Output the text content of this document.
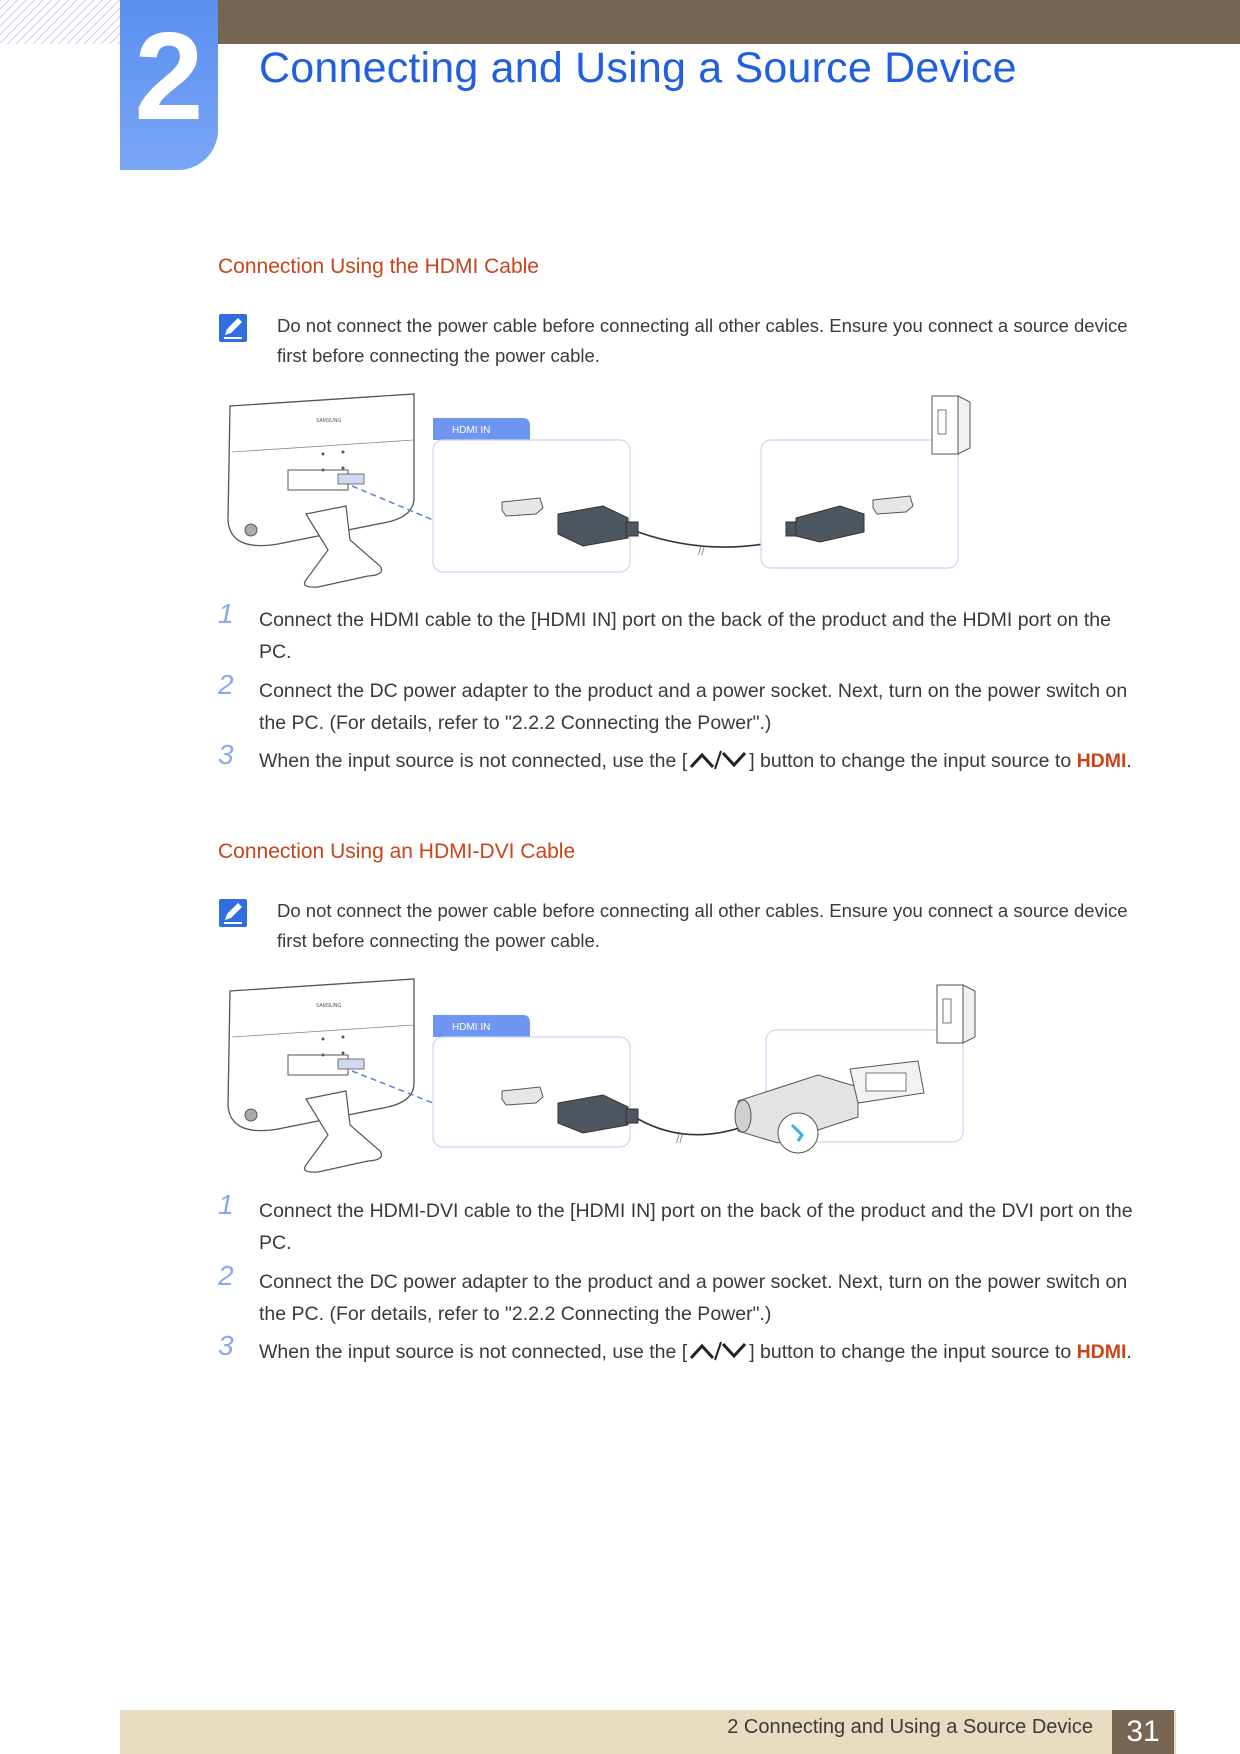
2	Connecting and Using a Source Device
Connection Using the HDMI Cable
Do not connect the power cable before connecting all other cables. Ensure you connect a source device first before connecting the power cable.
SAMSUNG
HDMI IN
//
1 Connect the HDMI cable to the [HDMI IN] port on the back of the product and the HDMI port on the PC.
2 Connect the DC power adapter to the product and a power socket. Next, turn on the power switch on the PC. (For details, refer to "2.2.2 Connecting the Power".)
3 When the input source is not connected, use the [	] button to change the input source to HDMI.
Connection Using an HDMI-DVI Cable
Do not connect the power cable before connecting all other cables. Ensure you connect a source device first before connecting the power cable.
SAMSUNG
HDMI IN
//
1 Connect the HDMI-DVI cable to the [HDMI IN] port on the back of the product and the DVI port on the PC.
2 Connect the DC power adapter to the product and a power socket. Next, turn on the power switch on the PC. (For details, refer to "2.2.2 Connecting the Power".)
3 When the input source is not connected, use the [	] button to change the input source to HDMI.
2 Connecting and Using a Source Device	31
